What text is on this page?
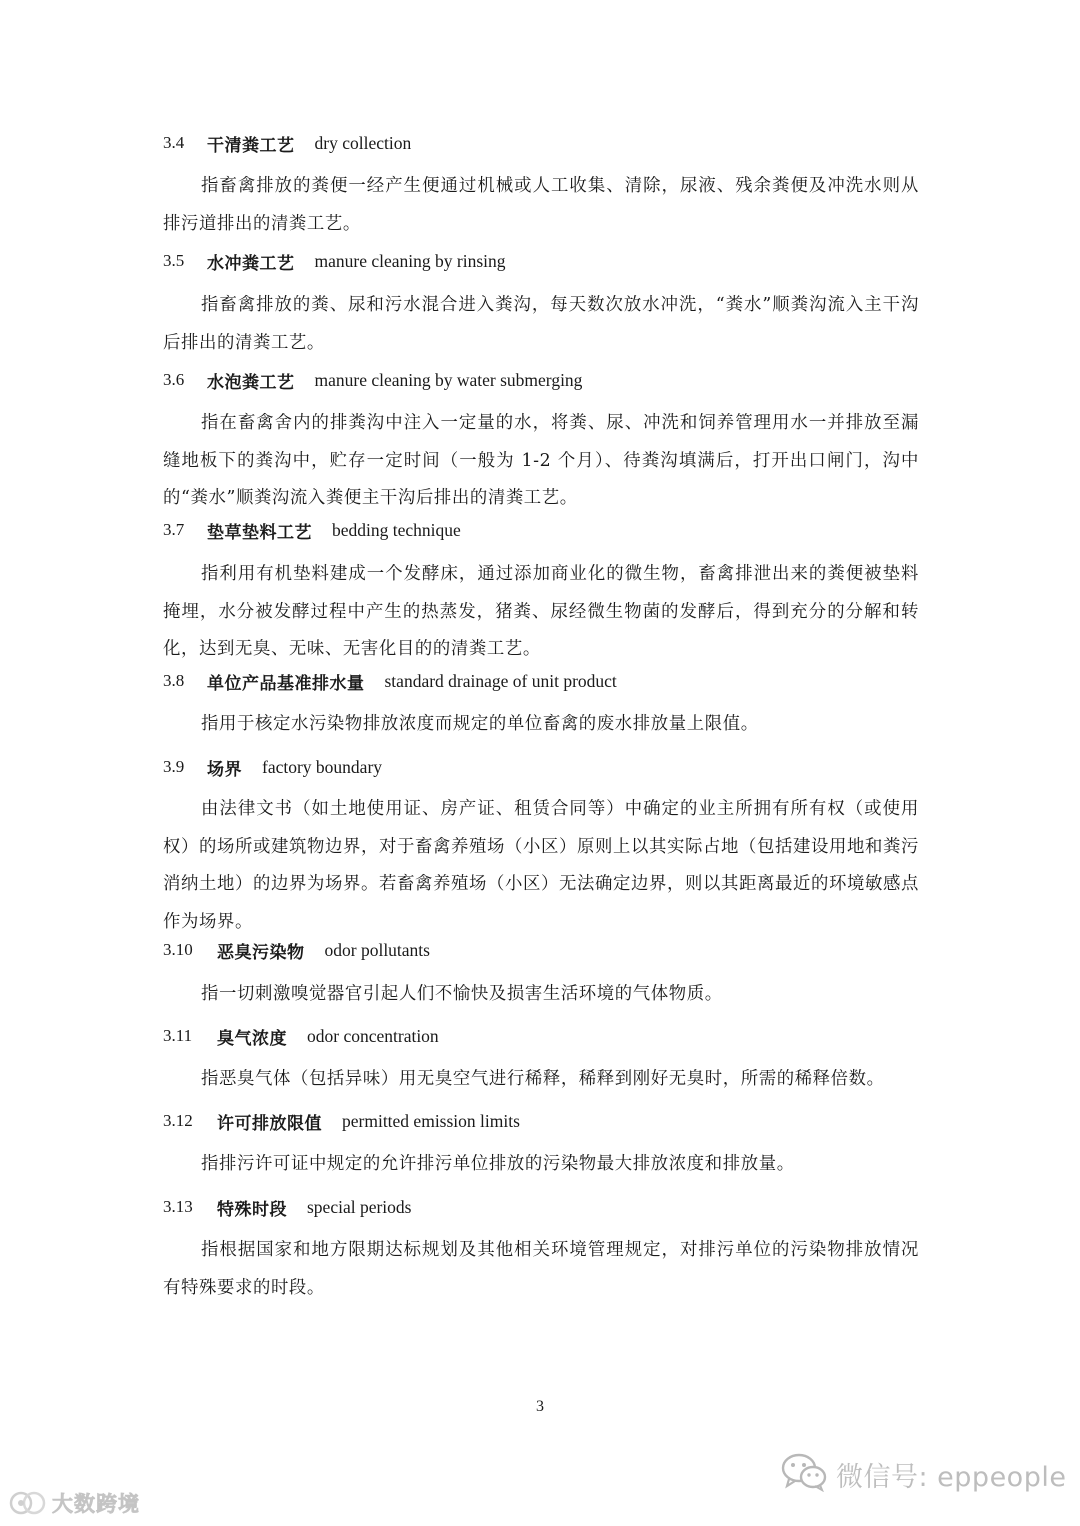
3.4	干清粪工艺 dry collection

指畜禽排放的粪便一经产生便通过机械或人工收集、清除，尿液、残余粪便及冲洗水则从排污道排出的清粪工艺。

3.5	水冲粪工艺 manure cleaning by rinsing

指畜禽排放的粪、尿和污水混合进入粪沟，每天数次放水冲洗，“粪水”顺粪沟流入主干沟后排出的清粪工艺。

3.6	水泡粪工艺 manure cleaning by water submerging

指在畜禽舍内的排粪沟中注入一定量的水，将粪、尿、冲洗和饲养管理用水一并排放至漏缝地板下的粪沟中，贮存一定时间（一般为 1-2 个月）、待粪沟填满后，打开出口闸门，沟中的“粪水”顺粪沟流入粪便主干沟后排出的清粪工艺。

3.7	垫草垫料工艺 bedding technique

指利用有机垫料建成一个发酵床，通过添加商业化的微生物，畜禽排泄出来的粪便被垫料掩埋，水分被发酵过程中产生的热蒸发，猪粪、尿经微生物菌的发酵后，得到充分的分解和转化，达到无臭、无味、无害化目的的清粪工艺。

3.8	单位产品基准排水量 standard drainage of unit product

指用于核定水污染物排放浓度而规定的单位畜禽的废水排放量上限值。

3.9	场界 factory boundary

由法律文书（如土地使用证、房产证、租赁合同等）中确定的业主所拥有所有权（或使用权）的场所或建筑物边界，对于畜禽养殖场（小区）原则上以其实际占地（包括建设用地和粪污消纳土地）的边界为场界。若畜禽养殖场（小区）无法确定边界，则以其距离最近的环境敏感点作为场界。

3.10	恶臭污染物 odor pollutants

指一切刺激嗅觉器官引起人们不愉快及损害生活环境的气体物质。

3.11	臭气浓度 odor concentration

指恶臭气体（包括异味）用无臭空气进行稀释，稀释到刚好无臭时，所需的稀释倍数。

3.12	许可排放限值 permitted emission limits

指排污许可证中规定的允许排污单位排放的污染物最大排放浓度和排放量。

3.13	特殊时段 special periods

指根据国家和地方限期达标规划及其他相关环境管理规定，对排污单位的污染物排放情况有特殊要求的时段。

3
大数跨境
微信号: eppeople
